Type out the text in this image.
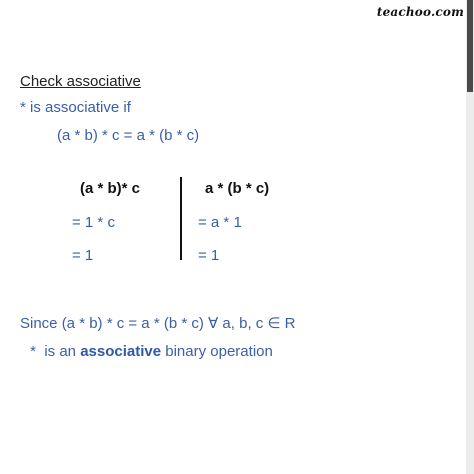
teachoo.com
Check associative
* is associative if
(a * b) * c = a * (b * c)
(a * b)* c
= 1 * c
= 1
a * (b * c)
= a * 1
= 1
Since (a * b) * c = a * (b * c) ∀ a, b, c ∈ R
*  is an associative binary operation
